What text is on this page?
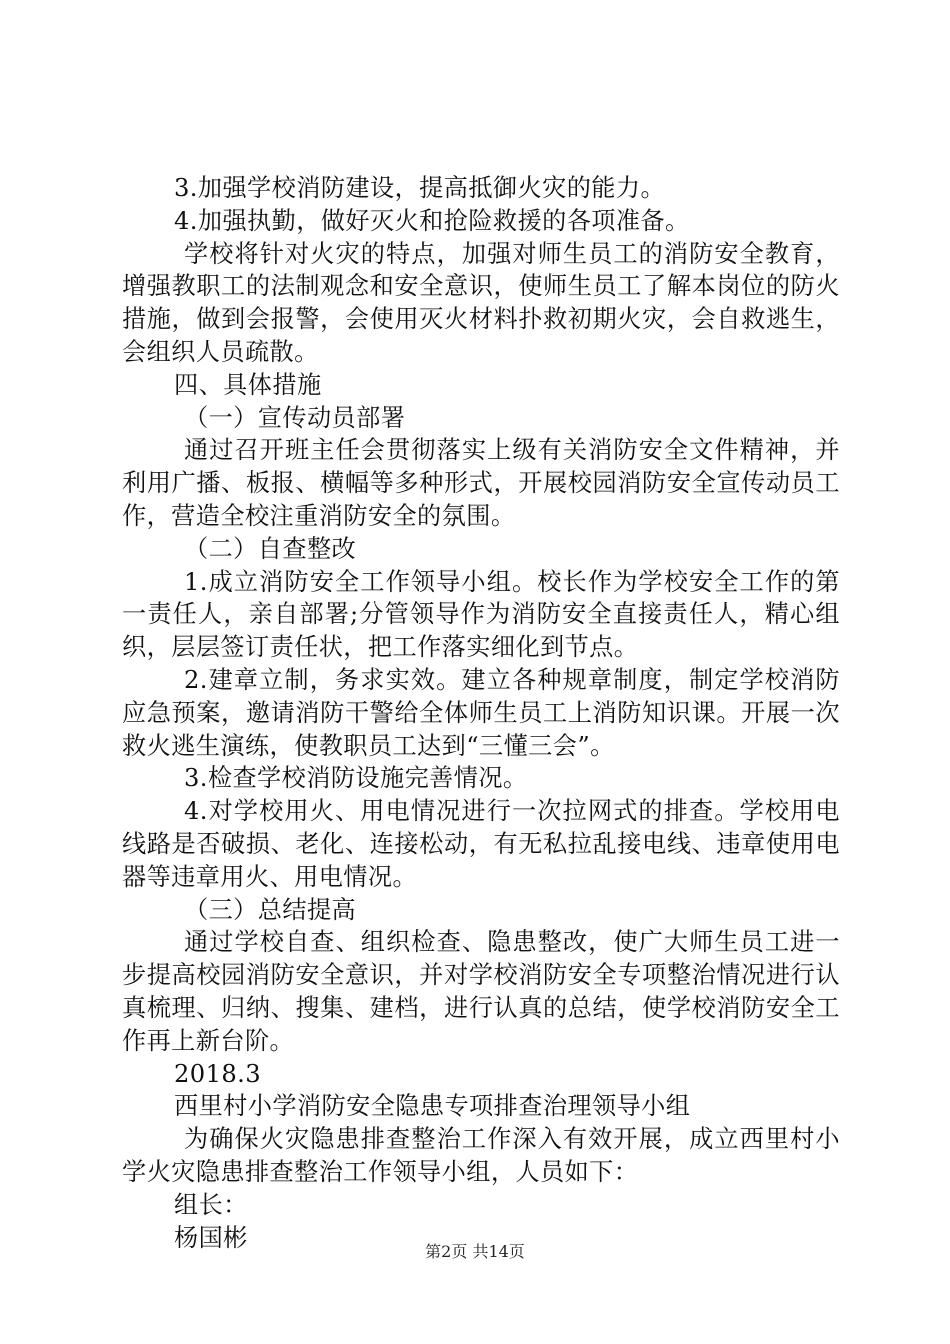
3.加强学校消防建设，提高抵御火灾的能力。

4.加强执勤，做好灭火和抢险救援的各项准备。

学校将针对火灾的特点，加强对师生员工的消防安全教育，增强教职工的法制观念和安全意识，使师生员工了解本岗位的防火措施，做到会报警，会使用灭火材料扑救初期火灾，会自救逃生，会组织人员疏散。

四、具体措施

（一）宣传动员部署

通过召开班主任会贯彻落实上级有关消防安全文件精神，并利用广播、板报、横幅等多种形式，开展校园消防安全宣传动员工作，营造全校注重消防安全的氛围。

（二）自查整改

1.成立消防安全工作领导小组。校长作为学校安全工作的第一责任人，亲自部署;分管领导作为消防安全直接责任人，精心组织，层层签订责任状，把工作落实细化到节点。

2.建章立制，务求实效。建立各种规章制度，制定学校消防应急预案，邀请消防干警给全体师生员工上消防知识课。开展一次救火逃生演练，使教职员工达到“三懂三会”。

3.检查学校消防设施完善情况。

4.对学校用火、用电情况进行一次拉网式的排查。学校用电线路是否破损、老化、连接松动，有无私拉乱接电线、违章使用电器等违章用火、用电情况。

（三）总结提高

通过学校自查、组织检查、隐患整改，使广大师生员工进一步提高校园消防安全意识，并对学校消防安全专项整治情况进行认真梳理、归纳、搜集、建档，进行认真的总结，使学校消防安全工作再上新台阶。

2018.3

西里村小学消防安全隐患专项排查治理领导小组

为确保火灾隐患排查整治工作深入有效开展，成立西里村小学火灾隐患排查整治工作领导小组，人员如下：

组长：

杨国彬	第2页 共14页
